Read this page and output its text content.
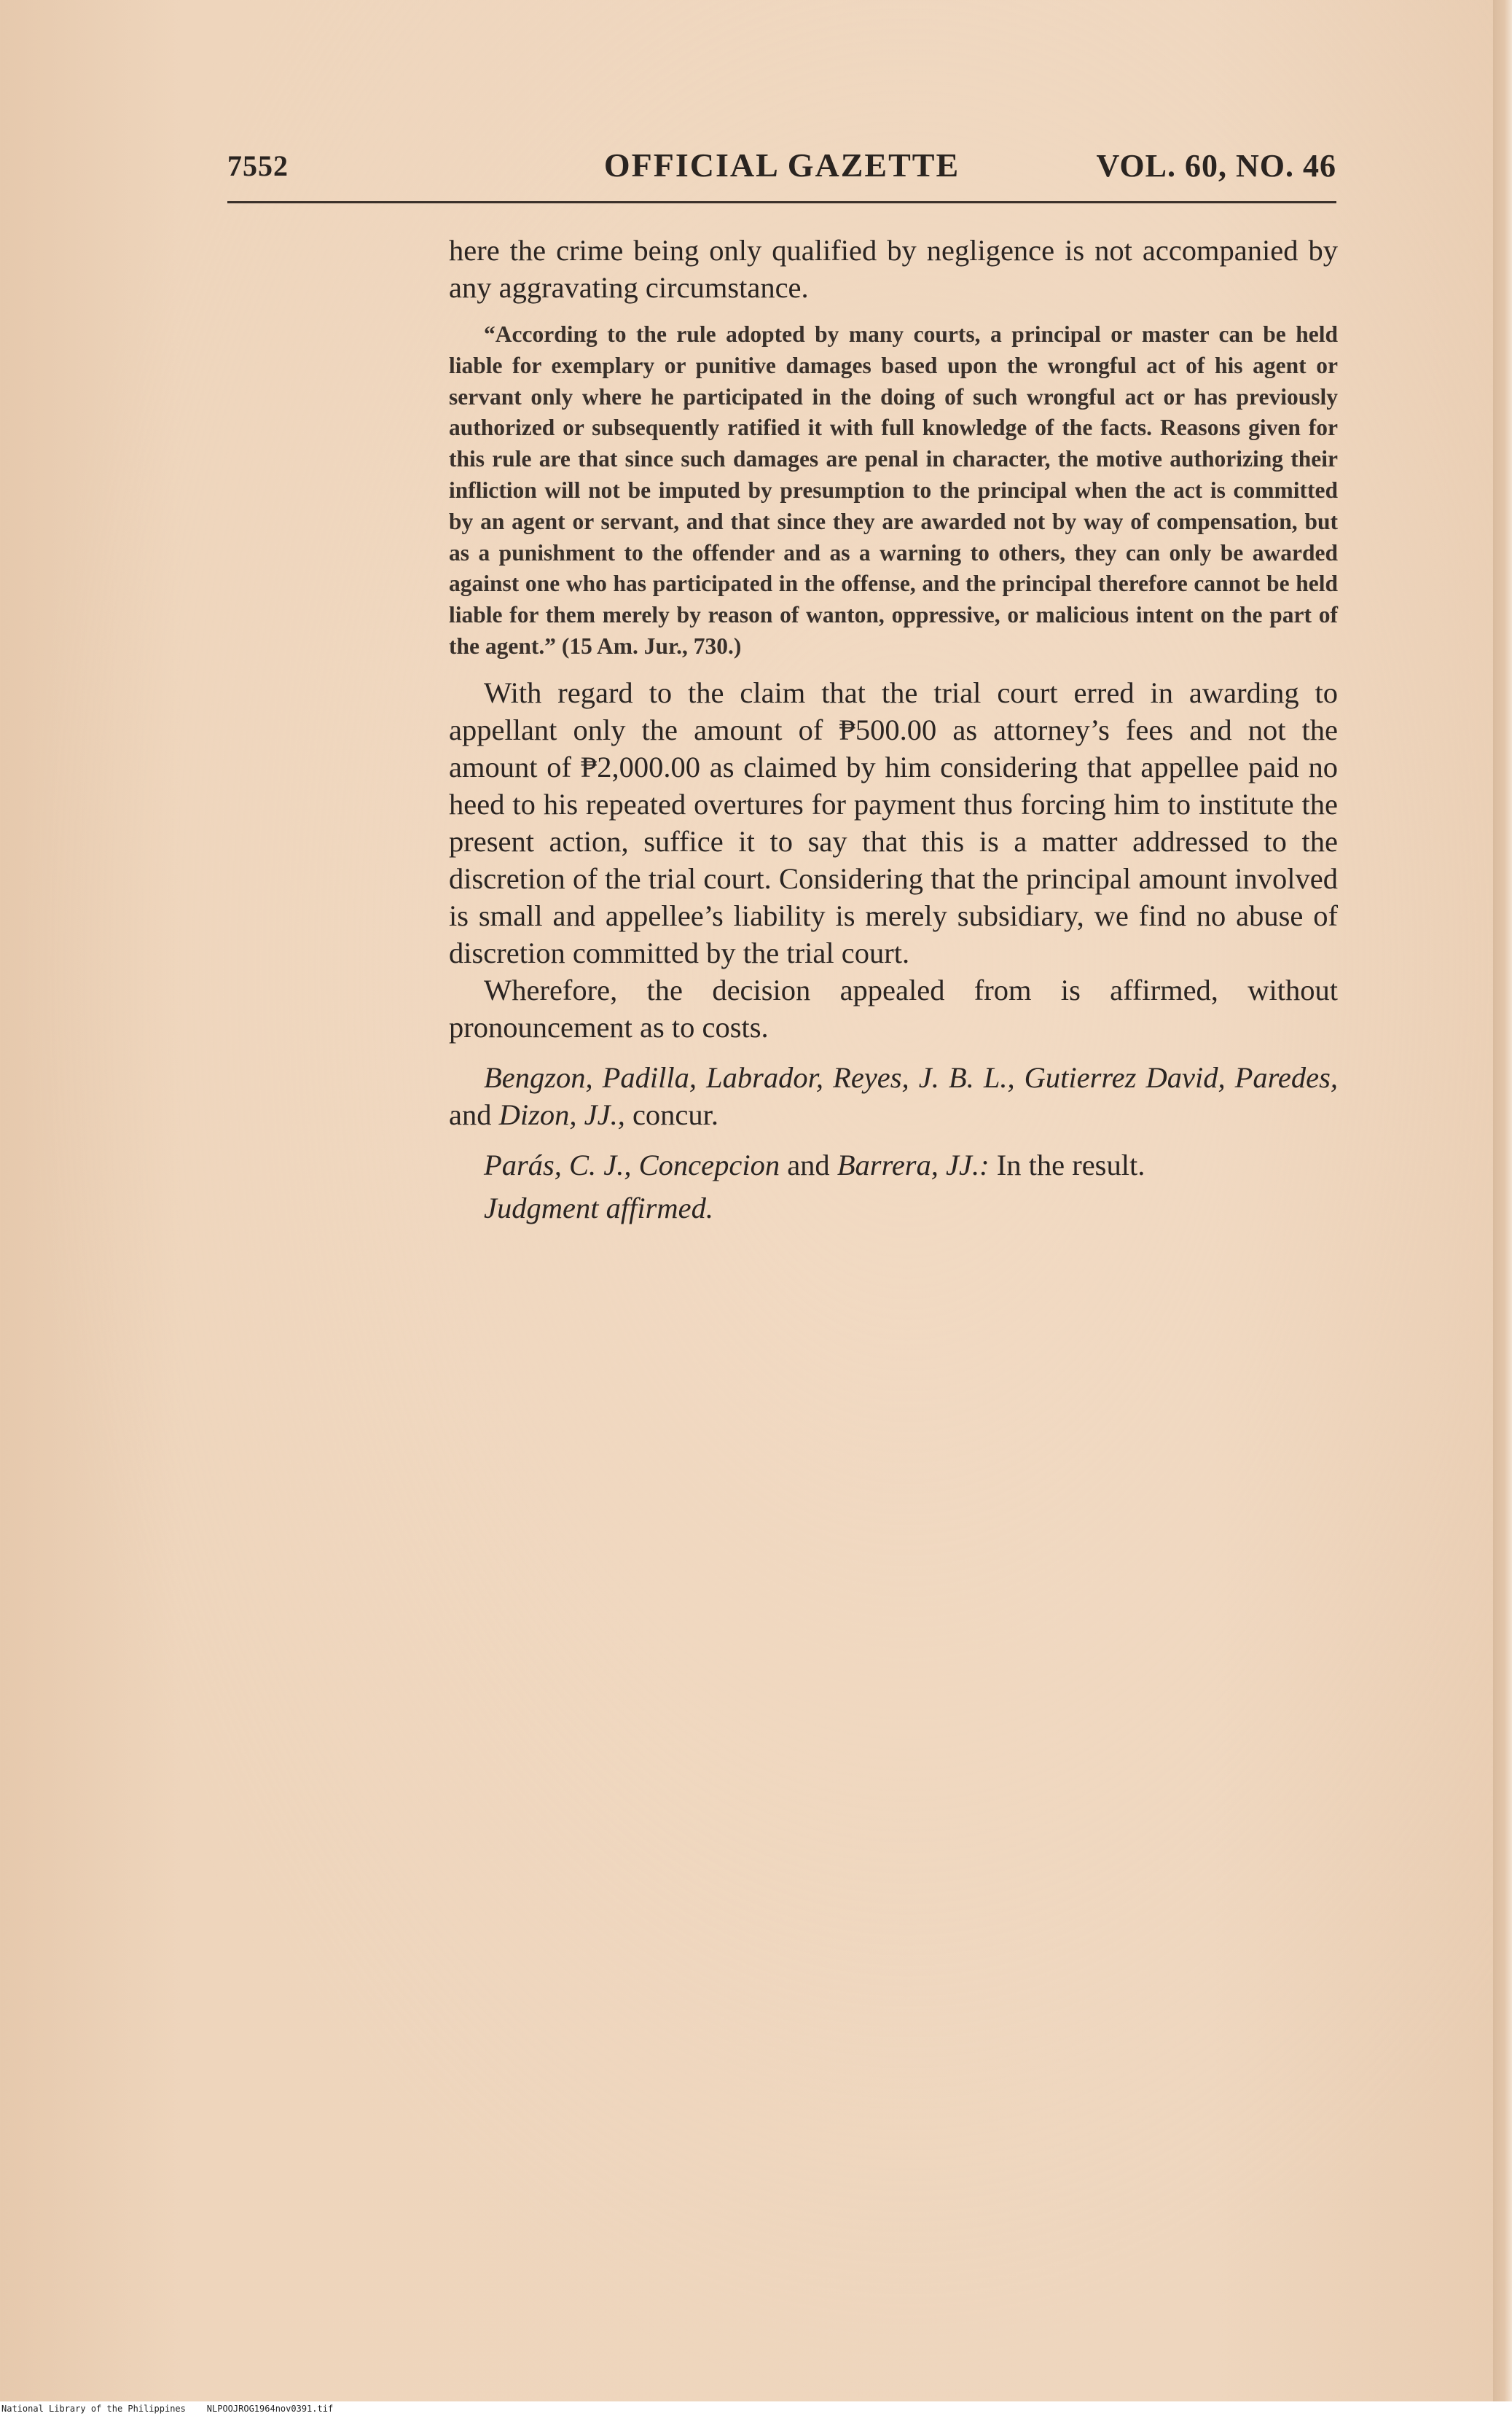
7552	OFFICIAL GAZETTE	VOL. 60, NO. 46

here the crime being only qualified by negligence is not accompanied by any aggravating circumstance.

“According to the rule adopted by many courts, a principal or master can be held liable for exemplary or punitive damages based upon the wrongful act of his agent or servant only where he participated in the doing of such wrongful act or has previously authorized or subsequently ratified it with full knowledge of the facts. Reasons given for this rule are that since such damages are penal in character, the motive authorizing their infliction will not be imputed by presumption to the principal when the act is committed by an agent or servant, and that since they are awarded not by way of compensation, but as a punishment to the offender and as a warning to others, they can only be awarded against one who has participated in the offense, and the principal therefore cannot be held liable for them merely by reason of wanton, oppressive, or malicious intent on the part of the agent.” (15 Am. Jur., 730.)

With regard to the claim that the trial court erred in awarding to appellant only the amount of ₱500.00 as attorney’s fees and not the amount of ₱2,000.00 as claimed by him considering that appellee paid no heed to his repeated overtures for payment thus forcing him to institute the present action, suffice it to say that this is a matter addressed to the discretion of the trial court. Considering that the principal amount involved is small and appellee’s liability is merely subsidiary, we find no abuse of discretion committed by the trial court.

Wherefore, the decision appealed from is affirmed, without pronouncement as to costs.

Bengzon, Padilla, Labrador, Reyes, J. B. L., Gutierrez David, Paredes, and Dizon, JJ., concur.

Parás, C. J., Concepcion and Barrera, JJ.: In the result.

Judgment affirmed.

National Library of the Philippines NLPOOJROG1964nov0391.tif
